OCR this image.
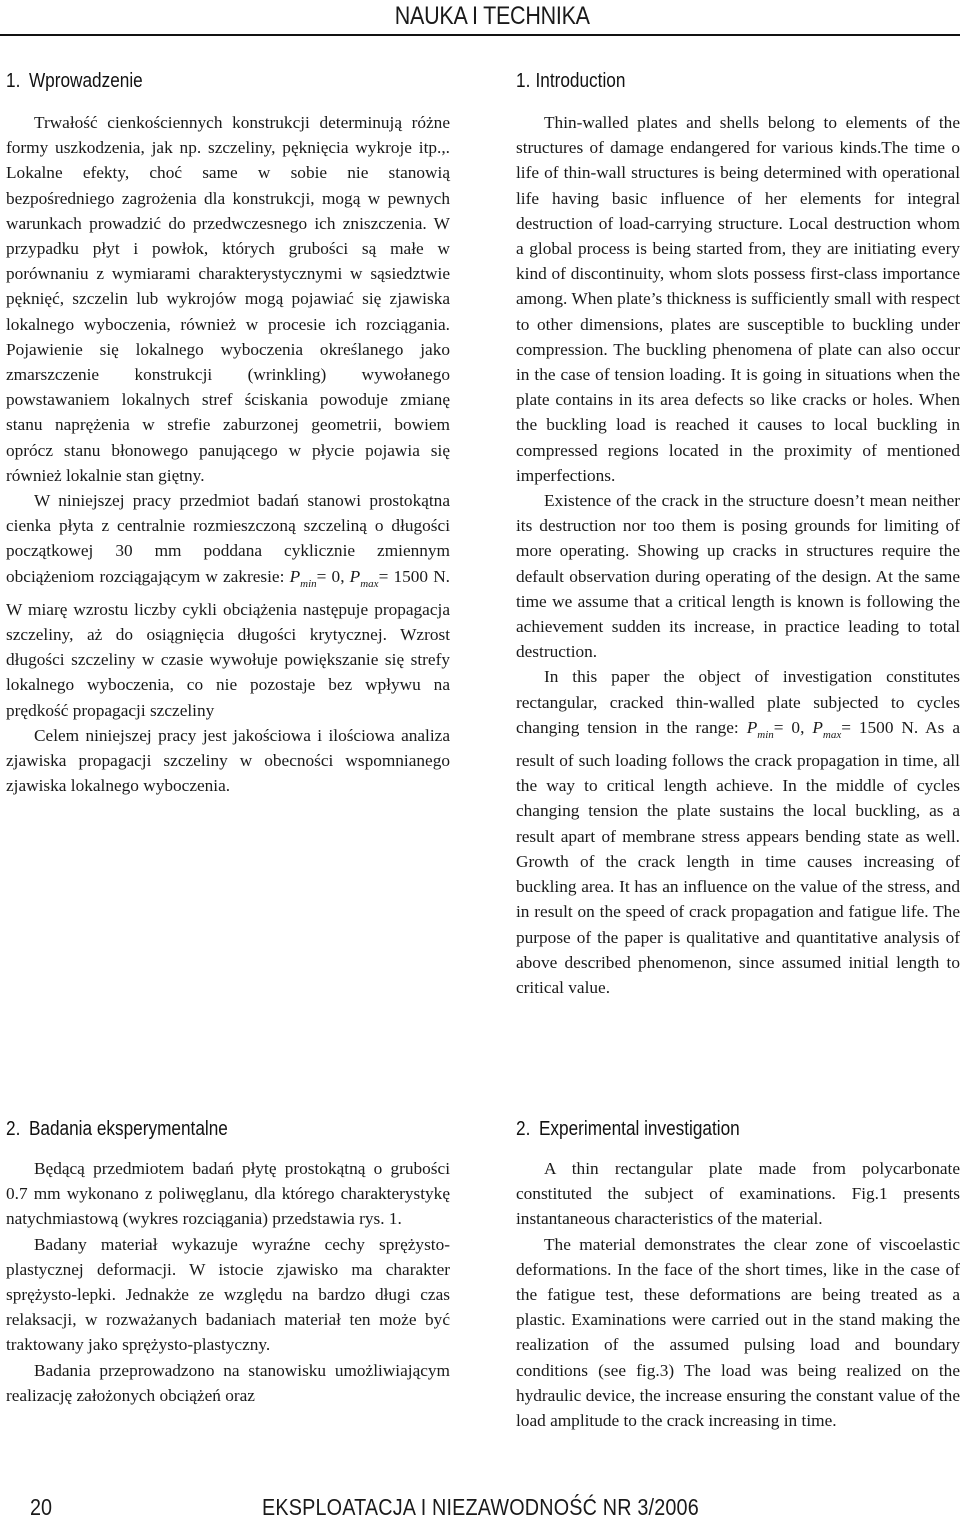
NAUKA I TECHNIKA
1. Wprowadzenie

Trwałość cienkościennych konstrukcji determinują różne formy uszkodzenia, jak np. szczeliny, pęknięcia wykroje itp.,. Lokalne efekty, choć same w sobie nie stanowią bezpośredniego zagrożenia dla konstrukcji, mogą w pewnych warunkach prowadzić do przedwczesnego ich zniszczenia. W przypadku płyt i powłok, których grubości są małe w porównaniu z wymiarami charakterystycznymi w sąsiedztwie pęknięć, szczelin lub wykrojów mogą pojawiać się zjawiska lokalnego wyboczenia, również w procesie ich rozciągania. Pojawienie się lokalnego wyboczenia określanego jako zmarszczenie konstrukcji (wrinkling) wywołanego powstawaniem lokalnych stref ściskania powoduje zmianę stanu naprężenia w strefie zaburzonej geometrii, bowiem oprócz stanu błonowego panującego w płycie pojawia się również lokalnie stan giętny.

W niniejszej pracy przedmiot badań stanowi prostokątna cienka płyta z centralnie rozmieszczoną szczeliną o długości początkowej 30 mm poddana cyklicznie zmiennym obciążeniom rozciągającym w zakresie: $P_{min}= 0$, $P_{max}= 1500$ N. W miarę wzrostu liczby cykli obciążenia następuje propagacja szczeliny, aż do osiągnięcia długości krytycznej. Wzrost długości szczeliny w czasie wywołuje powiększanie się strefy lokalnego wyboczenia, co nie pozostaje bez wpływu na prędkość propagacji szczeliny

Celem niniejszej pracy jest jakościowa i ilościowa analiza zjawiska propagacji szczeliny w obecności wspomnianego zjawiska lokalnego wyboczenia.

2. Badania eksperymentalne

Będącą przedmiotem badań płytę prostokątną o grubości 0.7 mm wykonano z poliwęglanu, dla którego charakterystykę natychmiastową (wykres rozciągania) przedstawia rys. 1.

Badany materiał wykazuje wyraźne cechy sprężysto-plastycznej deformacji. W istocie zjawisko ma charakter sprężysto-lepki. Jednakże ze względu na bardzo długi czas relaksacji, w rozważanych badaniach materiał ten może być traktowany jako sprężysto-plastyczny.

Badania przeprowadzono na stanowisku umożliwiającym realizację założonych obciążeń oraz

1. Introduction

Thin-walled plates and shells belong to elements of the structures of damage endangered for various kinds.The time o life of thin-wall structures is being determined with operational life having basic influence of her elements for integral destruction of load-carrying structure. Local destruction whom a global process is being started from, they are initiating every kind of discontinuity, whom slots possess first-class importance among. When plate’s thickness is sufficiently small with respect to other dimensions, plates are susceptible to buckling under compression. The buckling phenomena of plate can also occur in the case of tension loading. It is going in situations when the plate contains in its area defects so like cracks or holes. When the buckling load is reached it causes to local buckling in compressed regions located in the proximity of mentioned imperfections.

Existence of the crack in the structure doesn’t mean neither its destruction nor too them is posing grounds for limiting of more operating. Showing up cracks in structures require the default observation during operating of the design. At the same time we assume that a critical length is known is following the achievement sudden its increase, in practice leading to total destruction.

In this paper the object of investigation constitutes rectangular, cracked thin-walled plate subjected to cycles changing tension in the range: $P_{min}= 0$, $P_{max}= 1500$ N. As a result of such loading follows the crack propagation in time, all the way to critical length achieve. In the middle of cycles changing tension the plate sustains the local buckling, as a result apart of membrane stress appears bending state as well. Growth of the crack length in time causes increasing of buckling area. It has an influence on the value of the stress, and in result on the speed of crack propagation and fatigue life. The purpose of the paper is qualitative and quantitative analysis of above described phenomenon, since assumed initial length to critical value.

2. Experimental investigation

A thin rectangular plate made from polycarbonate constituted the subject of examinations. Fig.1 presents instantaneous characteristics of the material.

The material demonstrates the clear zone of viscoelastic deformations. In the face of the short times, like in the case of the fatigue test, these deformations are being treated as a plastic. Examinations were carried out in the stand making the realization of the assumed pulsing load and boundary conditions (see fig.3) The load was being realized on the hydraulic device, the increase ensuring the constant value of the load amplitude to the crack increasing in time.

20	EKSPLOATACJA I NIEZAWODNOŚĆ NR 3/2006
